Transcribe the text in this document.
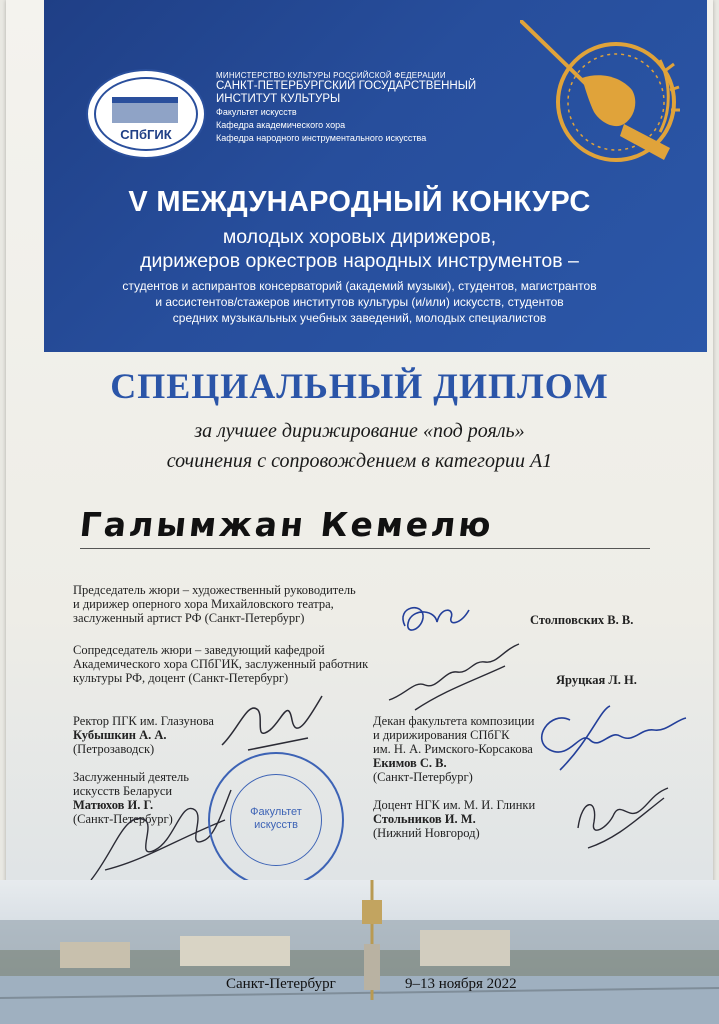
СПбГИК
МИНИСТЕРСТВО КУЛЬТУРЫ РОССИЙСКОЙ ФЕДЕРАЦИИ
САНКТ-ПЕТЕРБУРГСКИЙ ГОСУДАРСТВЕННЫЙ
ИНСТИТУТ КУЛЬТУРЫ
Факультет искусств
Кафедра академического хора
Кафедра народного инструментального искусства
V МЕЖДУНАРОДНЫЙ КОНКУРС
молодых хоровых дирижеров,
дирижеров оркестров народных инструментов –
студентов и аспирантов консерваторий (академий музыки), студентов, магистрантов
и ассистентов/стажеров институтов культуры (и/или) искусств, студентов
средних музыкальных учебных заведений, молодых специалистов
СПЕЦИАЛЬНЫЙ ДИПЛОМ
за лучшее дирижирование «под рояль»
сочинения с сопровождением в категории А1
Галымжан Кемелю
Председатель жюри – художественный руководитель
и дирижер оперного хора Михайловского театра,
заслуженный артист РФ (Санкт-Петербург)	Столповских В. В.
Сопредседатель жюри – заведующий кафедрой
Академического хора СПбГИК, заслуженный работник
культуры РФ, доцент (Санкт-Петербург)	Яруцкая Л. Н.
Ректор ПГК им. Глазунова
Кубышкин А. А.
(Петрозаводск)
Заслуженный деятель
искусств Беларуси
Матюхов И. Г.
(Санкт-Петербург)
Декан факультета композиции
и дирижирования СПбГК
им. Н. А. Римского-Корсакова
Екимов С. В.
(Санкт-Петербург)
Доцент НГК им. М. И. Глинки
Стольников И. М.
(Нижний Новгород)
Факультет
искусств
Санкт-Петербург	9–13 ноября 2022
